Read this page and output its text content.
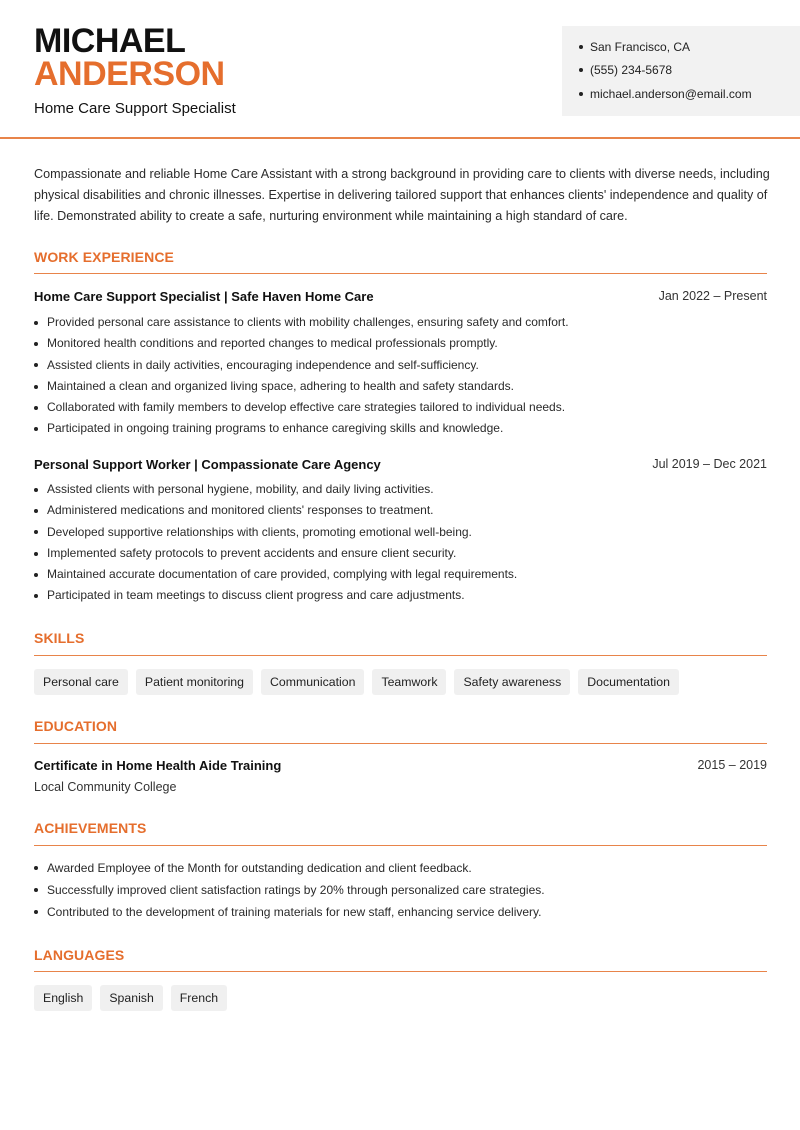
MICHAEL
ANDERSON
Home Care Support Specialist
San Francisco, CA
(555) 234-5678
michael.anderson@email.com

Compassionate and reliable Home Care Assistant with a strong background in providing care to clients with diverse needs, including physical disabilities and chronic illnesses. Expertise in delivering tailored support that enhances clients' independence and quality of life. Demonstrated ability to create a safe, nurturing environment while maintaining a high standard of care.

WORK EXPERIENCE
Home Care Support Specialist | Safe Haven Home Care	Jan 2022 – Present
Provided personal care assistance to clients with mobility challenges, ensuring safety and comfort.
Monitored health conditions and reported changes to medical professionals promptly.
Assisted clients in daily activities, encouraging independence and self-sufficiency.
Maintained a clean and organized living space, adhering to health and safety standards.
Collaborated with family members to develop effective care strategies tailored to individual needs.
Participated in ongoing training programs to enhance caregiving skills and knowledge.
Personal Support Worker | Compassionate Care Agency	Jul 2019 – Dec 2021
Assisted clients with personal hygiene, mobility, and daily living activities.
Administered medications and monitored clients' responses to treatment.
Developed supportive relationships with clients, promoting emotional well-being.
Implemented safety protocols to prevent accidents and ensure client security.
Maintained accurate documentation of care provided, complying with legal requirements.
Participated in team meetings to discuss client progress and care adjustments.
SKILLS
Personal care	Patient monitoring	Communication	Teamwork	Safety awareness	Documentation
EDUCATION
Certificate in Home Health Aide Training	2015 – 2019
Local Community College
ACHIEVEMENTS
Awarded Employee of the Month for outstanding dedication and client feedback.
Successfully improved client satisfaction ratings by 20% through personalized care strategies.
Contributed to the development of training materials for new staff, enhancing service delivery.
LANGUAGES
English	Spanish	French
